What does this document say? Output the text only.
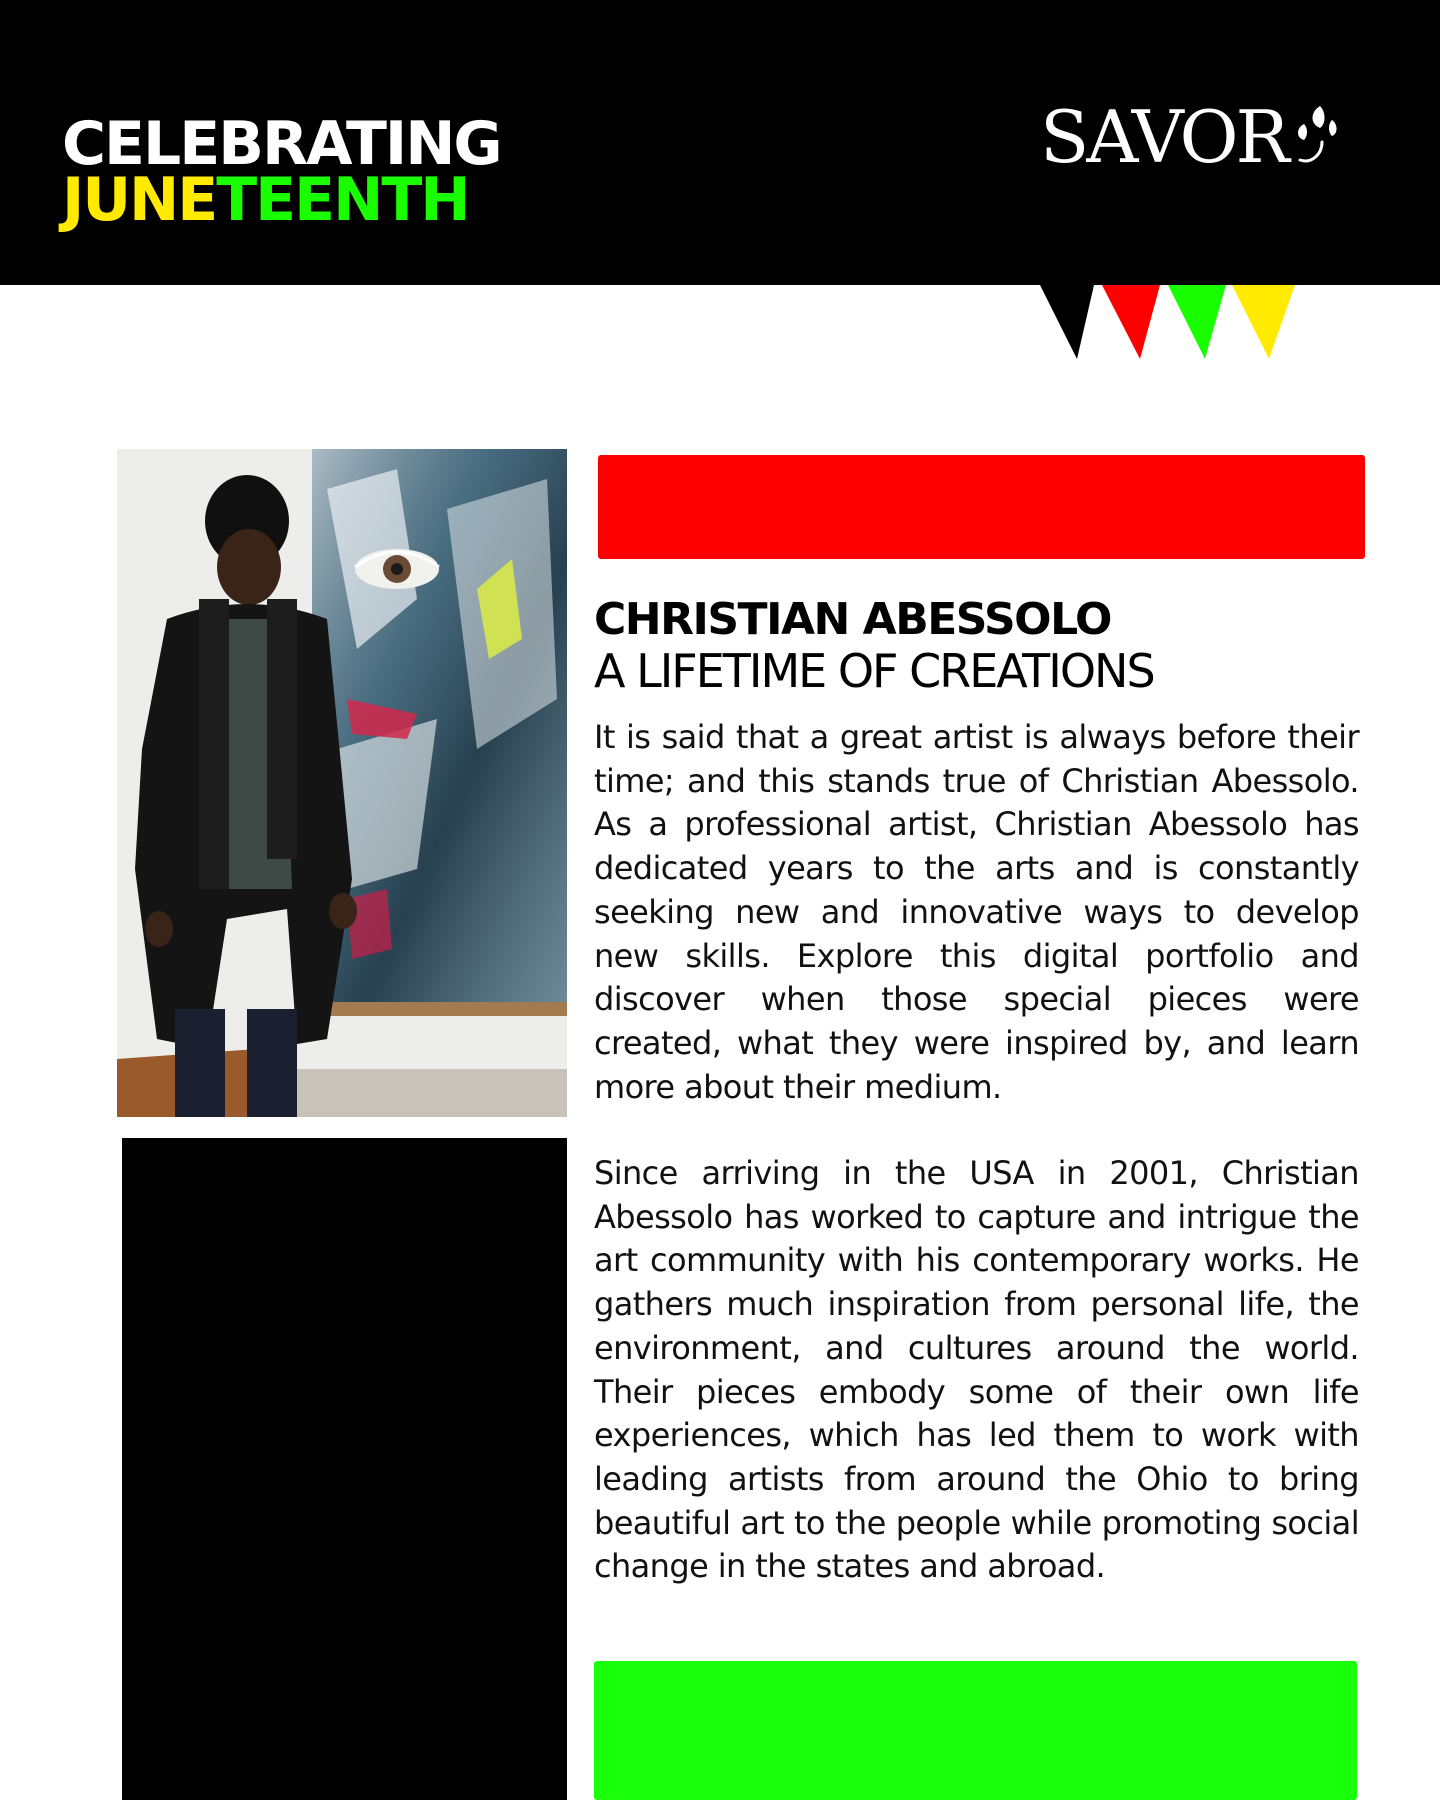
CELEBRATING
JUNETEENTH
SAVOR
CHRISTIAN ABESSOLO
A LIFETIME OF CREATIONS

It is said that a great artist is always before their time; and this stands true of Christian Abessolo. As a professional artist, Christian Abessolo has dedicated years to the arts and is constantly seeking new and innovative ways to develop new skills. Explore this digital portfolio and discover when those special pieces were created, what they were inspired by, and learn more about their medium.

Since arriving in the USA in 2001, Christian Abessolo has worked to capture and intrigue the art community with his contemporary works. He gathers much inspiration from personal life, the environment, and cultures around the world. Their pieces embody some of their own life experiences, which has led them to work with leading artists from around the Ohio to bring beautiful art to the people while promoting social change in the states and abroad.
